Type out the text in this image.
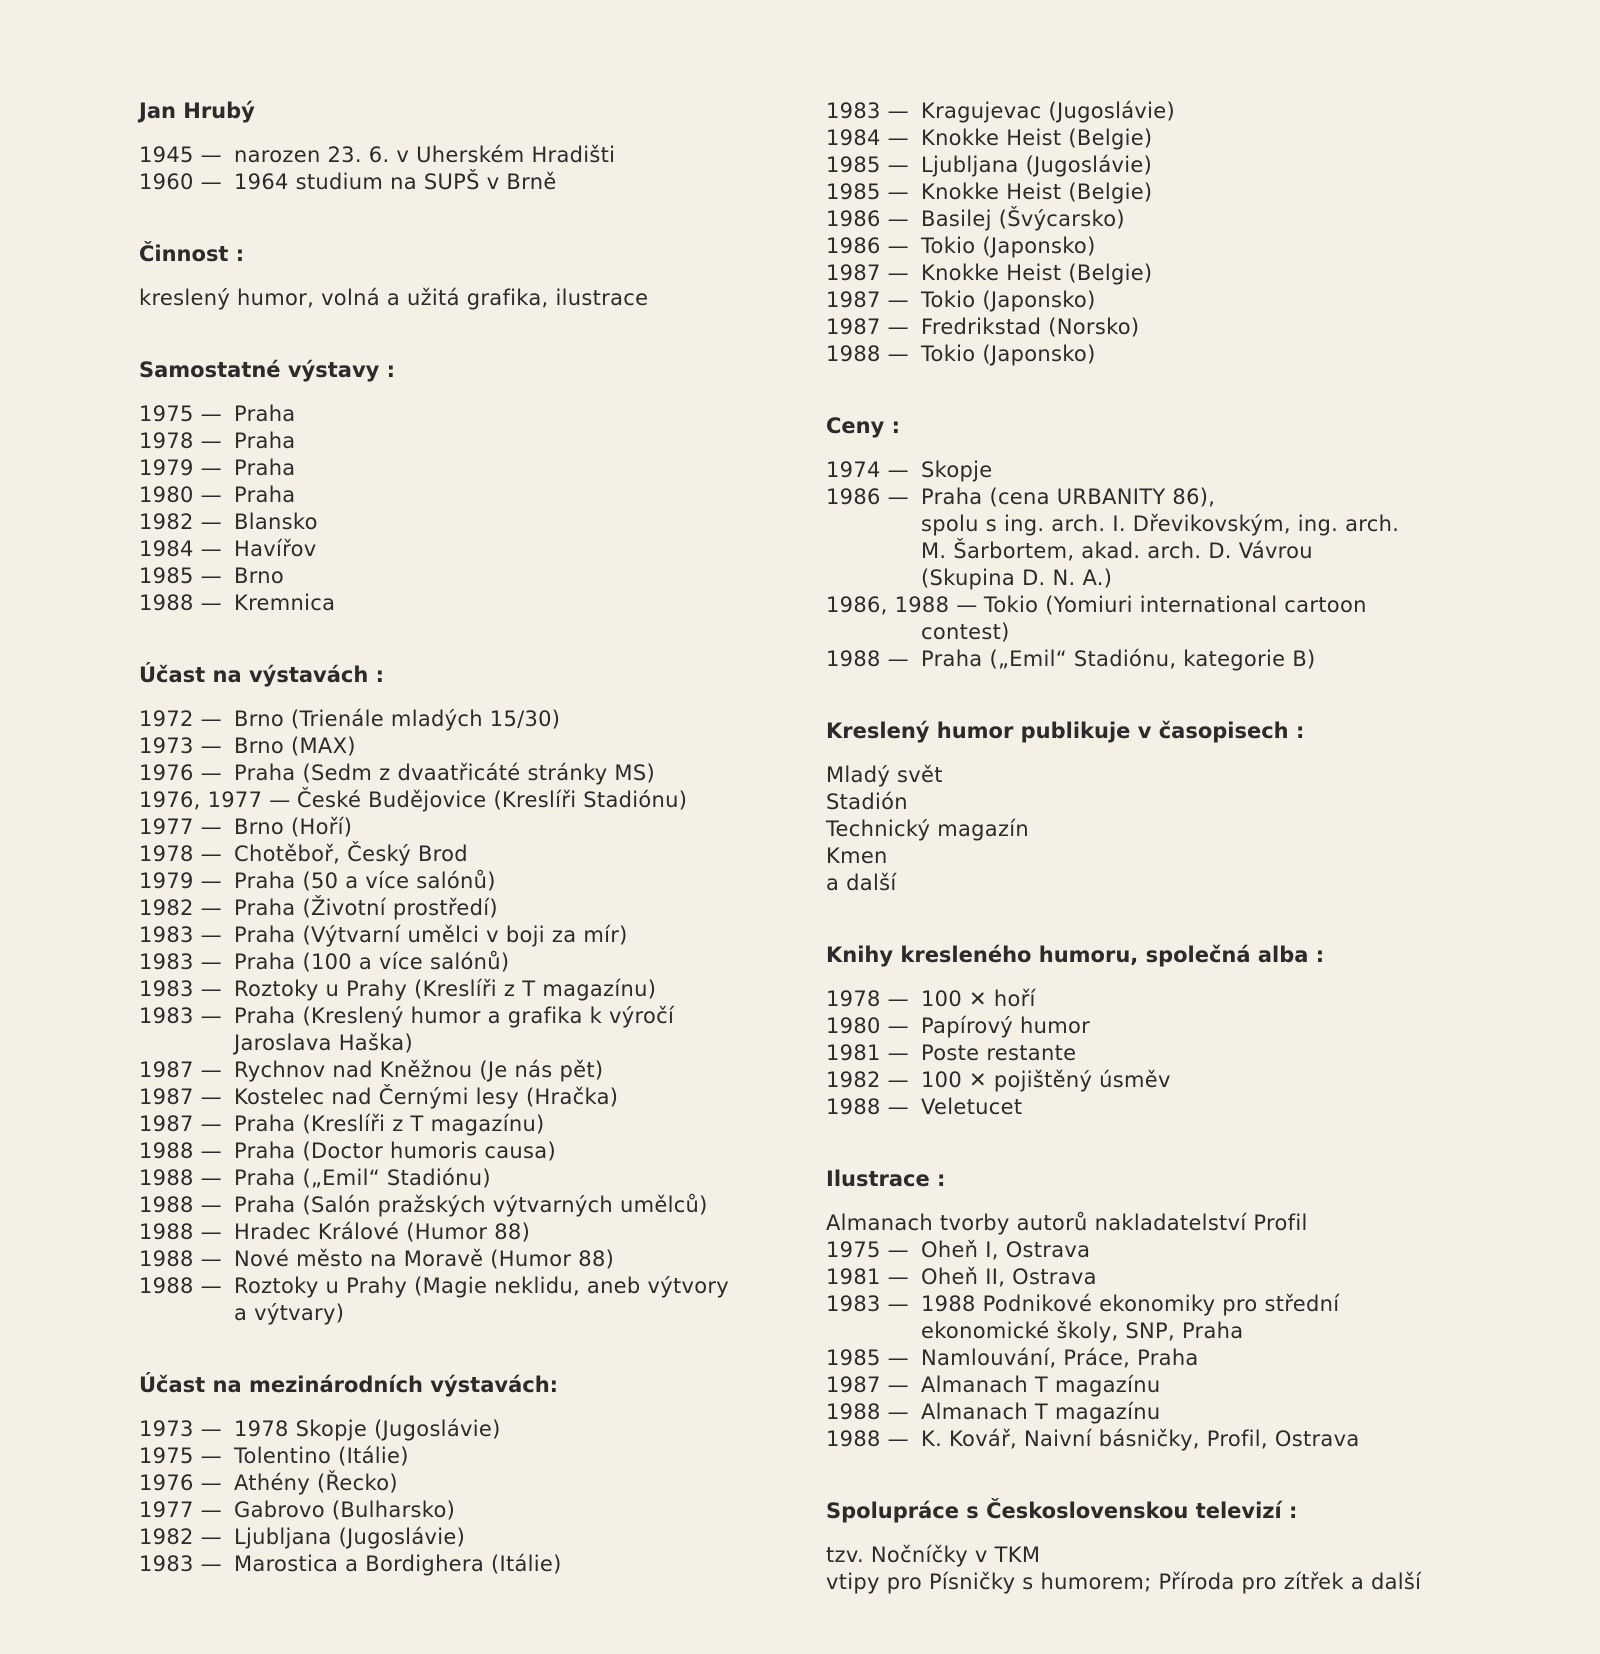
Jan Hrubý
1945 — narozen 23. 6. v Uherském Hradišti
1960 — 1964 studium na SUPŠ v Brně
Činnost :
kreslený humor, volná a užitá grafika, ilustrace
Samostatné výstavy :
1975 — Praha
1978 — Praha
1979 — Praha
1980 — Praha
1982 — Blansko
1984 — Havířov
1985 — Brno
1988 — Kremnica
Účast na výstavách :
1972 — Brno (Trienále mladých 15/30)
1973 — Brno (MAX)
1976 — Praha (Sedm z dvaatřicáté stránky MS)
1976, 1977 — České Budějovice (Kreslíři Stadiónu)
1977 — Brno (Hoří)
1978 — Chotěboř, Český Brod
1979 — Praha (50 a více salónů)
1982 — Praha (Životní prostředí)
1983 — Praha (Výtvarní umělci v boji za mír)
1983 — Praha (100 a více salónů)
1983 — Roztoky u Prahy (Kreslíři z T magazínu)
1983 — Praha (Kreslený humor a grafika k výročí
Jaroslava Haška)
1987 — Rychnov nad Kněžnou (Je nás pět)
1987 — Kostelec nad Černými lesy (Hračka)
1987 — Praha (Kreslíři z T magazínu)
1988 — Praha (Doctor humoris causa)
1988 — Praha („Emil“ Stadiónu)
1988 — Praha (Salón pražských výtvarných umělců)
1988 — Hradec Králové (Humor 88)
1988 — Nové město na Moravě (Humor 88)
1988 — Roztoky u Prahy (Magie neklidu, aneb výtvory
a výtvary)
Účast na mezinárodních výstavách:
1973 — 1978 Skopje (Jugoslávie)
1975 — Tolentino (Itálie)
1976 — Athény (Řecko)
1977 — Gabrovo (Bulharsko)
1982 — Ljubljana (Jugoslávie)
1983 — Marostica a Bordighera (Itálie)
1983 — Kragujevac (Jugoslávie)
1984 — Knokke Heist (Belgie)
1985 — Ljubljana (Jugoslávie)
1985 — Knokke Heist (Belgie)
1986 — Basilej (Švýcarsko)
1986 — Tokio (Japonsko)
1987 — Knokke Heist (Belgie)
1987 — Tokio (Japonsko)
1987 — Fredrikstad (Norsko)
1988 — Tokio (Japonsko)
Ceny :
1974 — Skopje
1986 — Praha (cena URBANITY 86),
spolu s ing. arch. I. Dřevikovským, ing. arch.
M. Šarbortem, akad. arch. D. Vávrou
(Skupina D. N. A.)
1986, 1988 — Tokio (Yomiuri international cartoon
contest)
1988 — Praha („Emil“ Stadiónu, kategorie B)
Kreslený humor publikuje v časopisech :
Mladý svět
Stadión
Technický magazín
Kmen
a další
Knihy kresleného humoru, společná alba :
1978 — 100 ✕ hoří
1980 — Papírový humor
1981 — Poste restante
1982 — 100 ✕ pojištěný úsměv
1988 — Veletucet
Ilustrace :
Almanach tvorby autorů nakladatelství Profil
1975 — Oheň I, Ostrava
1981 — Oheň II, Ostrava
1983 — 1988 Podnikové ekonomiky pro střední
ekonomické školy, SNP, Praha
1985 — Namlouvání, Práce, Praha
1987 — Almanach T magazínu
1988 — Almanach T magazínu
1988 — K. Kovář, Naivní básničky, Profil, Ostrava
Spolupráce s Československou televizí :
tzv. Nočníčky v TKM
vtipy pro Písničky s humorem; Příroda pro zítřek a další
